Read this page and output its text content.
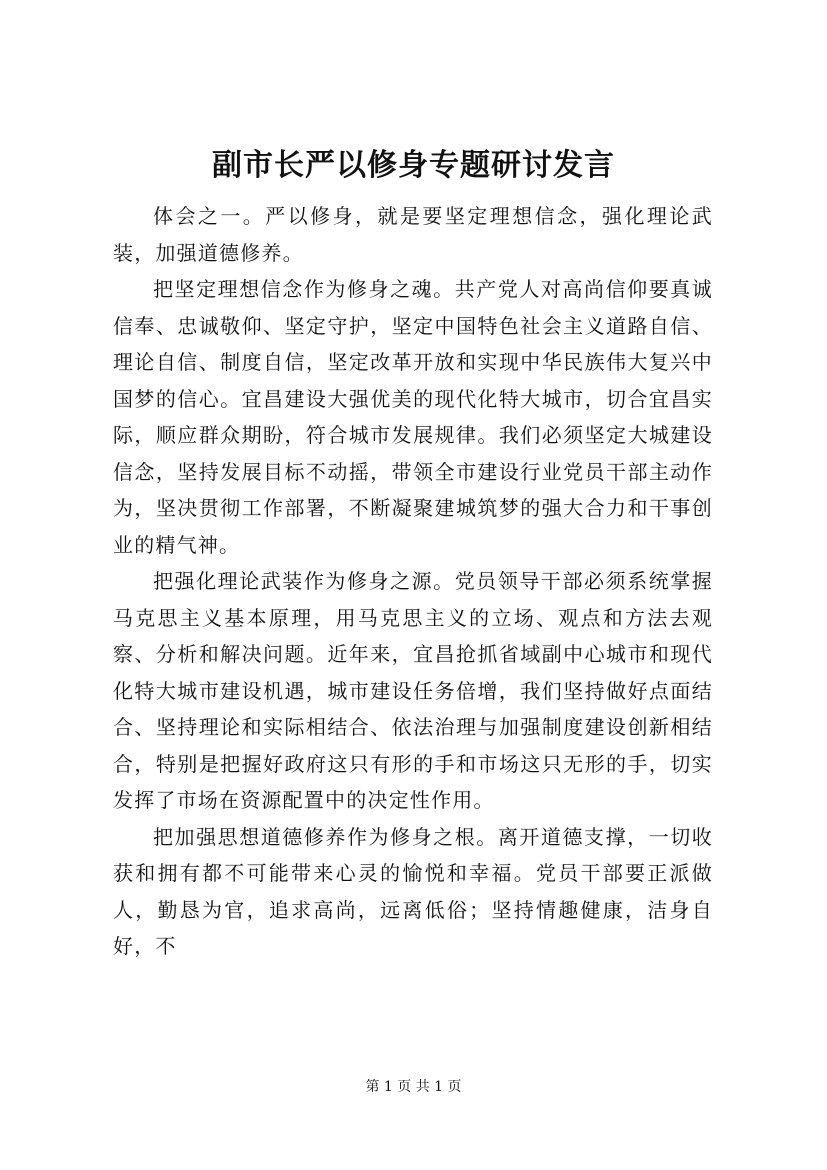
副市长严以修身专题研讨发言

体会之一。严以修身，就是要坚定理想信念，强化理论武装，加强道德修养。

把坚定理想信念作为修身之魂。共产党人对高尚信仰要真诚信奉、忠诚敬仰、坚定守护，坚定中国特色社会主义道路自信、理论自信、制度自信，坚定改革开放和实现中华民族伟大复兴中国梦的信心。宜昌建设大强优美的现代化特大城市，切合宜昌实际，顺应群众期盼，符合城市发展规律。我们必须坚定大城建设信念，坚持发展目标不动摇，带领全市建设行业党员干部主动作为，坚决贯彻工作部署，不断凝聚建城筑梦的强大合力和干事创业的精气神。

把强化理论武装作为修身之源。党员领导干部必须系统掌握马克思主义基本原理，用马克思主义的立场、观点和方法去观察、分析和解决问题。近年来，宜昌抢抓省域副中心城市和现代化特大城市建设机遇，城市建设任务倍增，我们坚持做好点面结合、坚持理论和实际相结合、依法治理与加强制度建设创新相结合，特别是把握好政府这只有形的手和市场这只无形的手，切实发挥了市场在资源配置中的决定性作用。

把加强思想道德修养作为修身之根。离开道德支撑，一切收获和拥有都不可能带来心灵的愉悦和幸福。党员干部要正派做人，勤恳为官，追求高尚，远离低俗；坚持情趣健康，洁身自好，不

第 1 页 共 1 页
